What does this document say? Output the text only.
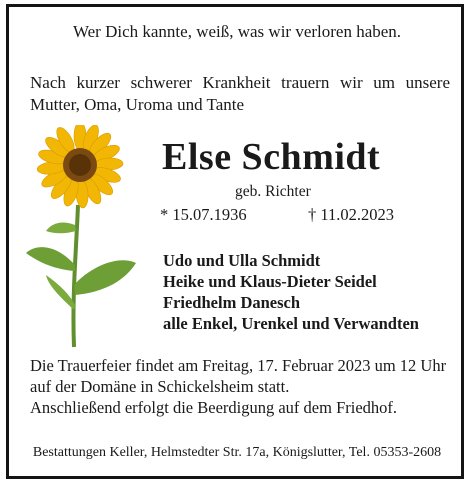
Wer Dich kannte, weiß, was wir verloren haben.
Nach kurzer schwerer Krankheit trauern wir um unsere Mutter, Oma, Uroma und Tante
Else Schmidt
geb. Richter
* 15.07.1936	† 11.02.2023
Udo und Ulla Schmidt
Heike und Klaus-Dieter Seidel
Friedhelm Danesch
alle Enkel, Urenkel und Verwandten
Die Trauerfeier findet am Freitag, 17. Februar 2023 um 12 Uhr
auf der Domäne in Schickelsheim statt.
Anschließend erfolgt die Beerdigung auf dem Friedhof.
Bestattungen Keller, Helmstedter Str. 17a, Königslutter, Tel. 05353-2608
